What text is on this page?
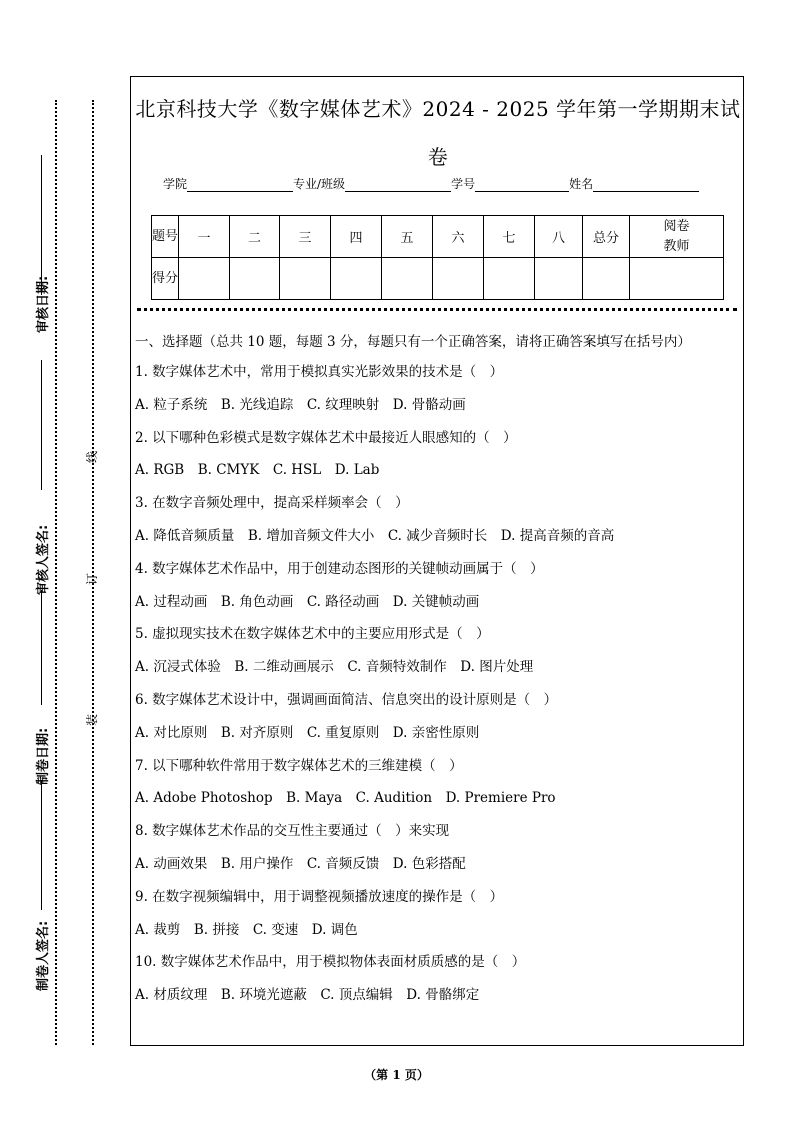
审核日期:
审核人签名:
制卷日期:
制卷人签名:
线
订
装
北京科技大学《数字媒体艺术》2024 - 2025 学年第一学期期末试
卷
学院	专业/班级	学号	姓名
题号	一	二	三	四	五	六	七	八	总分	阅卷教师
得分										
一、选择题（总共 10 题，每题 3 分，每题只有一个正确答案，请将正确答案填写在括号内）
1. 数字媒体艺术中，常用于模拟真实光影效果的技术是（　）
A. 粒子系统　B. 光线追踪　C. 纹理映射　D. 骨骼动画
2. 以下哪种色彩模式是数字媒体艺术中最接近人眼感知的（　）
A. RGB　B. CMYK　C. HSL　D. Lab
3. 在数字音频处理中，提高采样频率会（　）
A. 降低音频质量　B. 增加音频文件大小　C. 减少音频时长　D. 提高音频的音高
4. 数字媒体艺术作品中，用于创建动态图形的关键帧动画属于（　）
A. 过程动画　B. 角色动画　C. 路径动画　D. 关键帧动画
5. 虚拟现实技术在数字媒体艺术中的主要应用形式是（　）
A. 沉浸式体验　B. 二维动画展示　C. 音频特效制作　D. 图片处理
6. 数字媒体艺术设计中，强调画面简洁、信息突出的设计原则是（　）
A. 对比原则　B. 对齐原则　C. 重复原则　D. 亲密性原则
7. 以下哪种软件常用于数字媒体艺术的三维建模（　）
A. Adobe Photoshop　B. Maya　C. Audition　D. Premiere Pro
8. 数字媒体艺术作品的交互性主要通过（　）来实现
A. 动画效果　B. 用户操作　C. 音频反馈　D. 色彩搭配
9. 在数字视频编辑中，用于调整视频播放速度的操作是（　）
A. 裁剪　B. 拼接　C. 变速　D. 调色
10. 数字媒体艺术作品中，用于模拟物体表面材质质感的是（　）
A. 材质纹理　B. 环境光遮蔽　C. 顶点编辑　D. 骨骼绑定
（第 1 页）
